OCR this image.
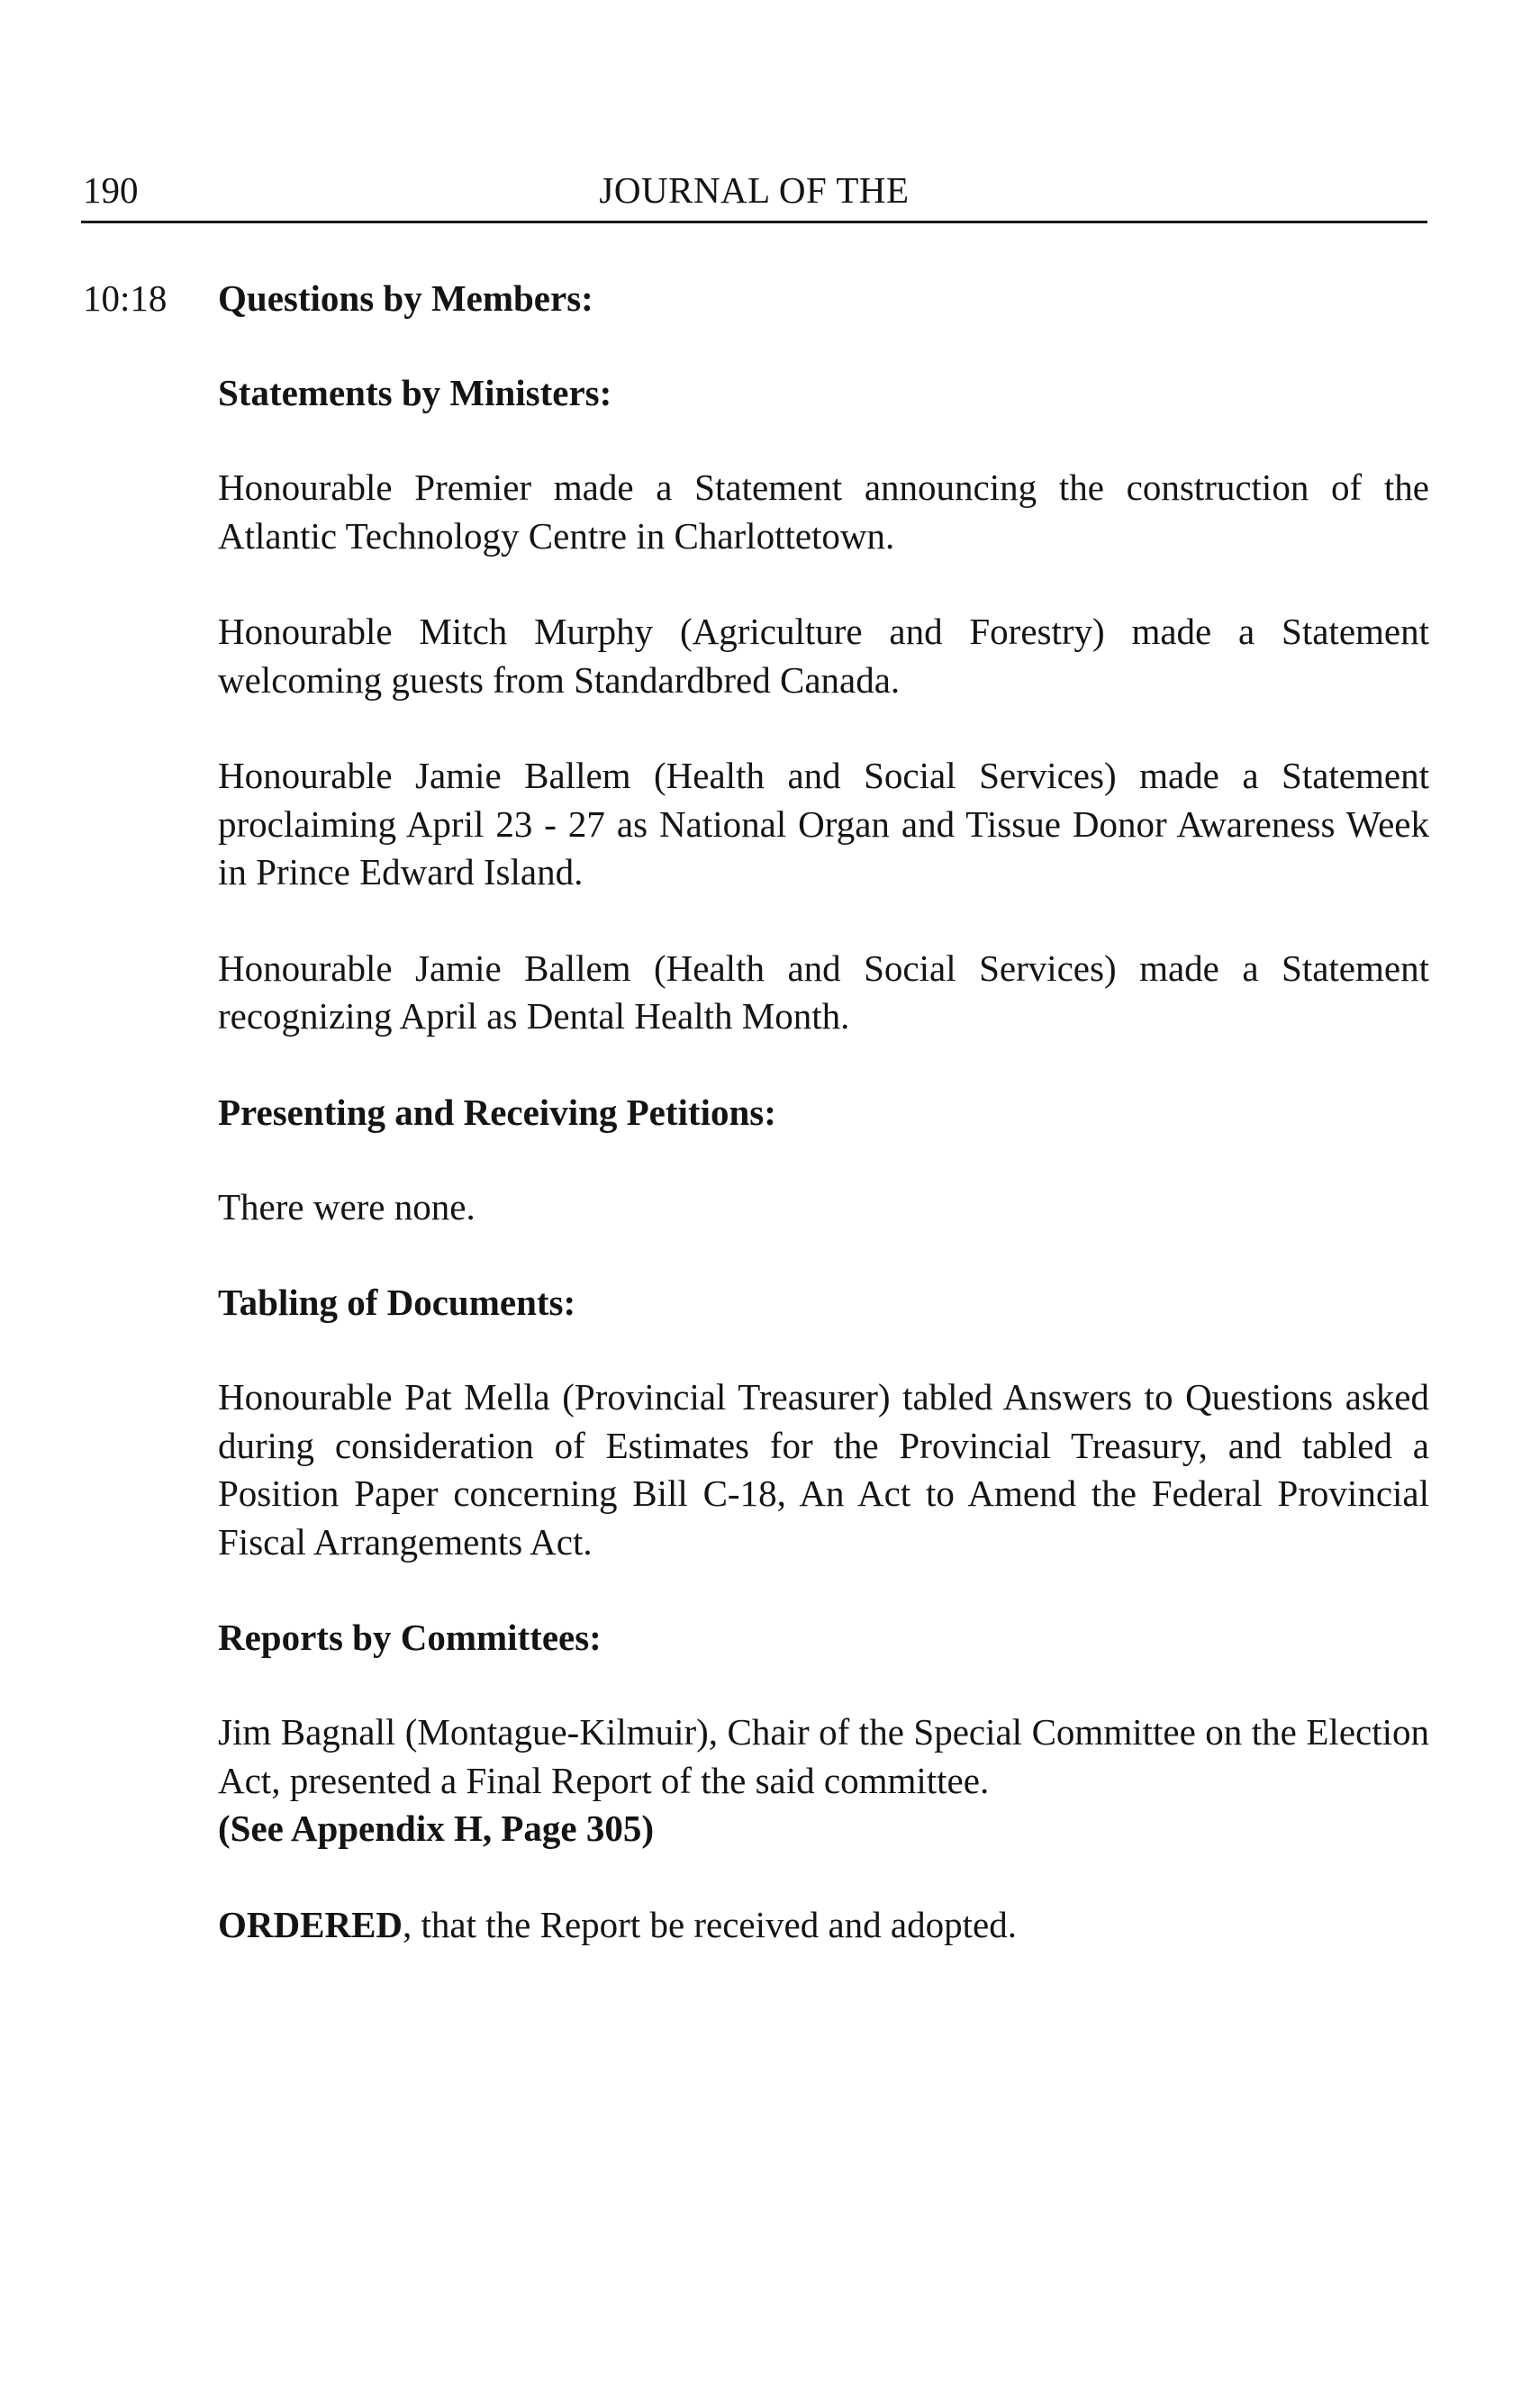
190	JOURNAL OF THE
10:18 Questions by Members:

Statements by Ministers:

Honourable Premier made a Statement announcing the construction of the Atlantic Technology Centre in Charlottetown.

Honourable Mitch Murphy (Agriculture and Forestry) made a Statement welcoming guests from Standardbred Canada.

Honourable Jamie Ballem (Health and Social Services) made a Statement proclaiming April 23 - 27 as National Organ and Tissue Donor Awareness Week in Prince Edward Island.

Honourable Jamie Ballem (Health and Social Services) made a Statement recognizing April as Dental Health Month.

Presenting and Receiving Petitions:

There were none.

Tabling of Documents:

Honourable Pat Mella (Provincial Treasurer) tabled Answers to Questions asked during consideration of Estimates for the Provincial Treasury, and tabled a Position Paper concerning Bill C-18, An Act to Amend the Federal Provincial Fiscal Arrangements Act.

Reports by Committees:

Jim Bagnall (Montague-Kilmuir), Chair of the Special Committee on the Election Act, presented a Final Report of the said committee.

(See Appendix H, Page 305)

ORDERED, that the Report be received and adopted.
